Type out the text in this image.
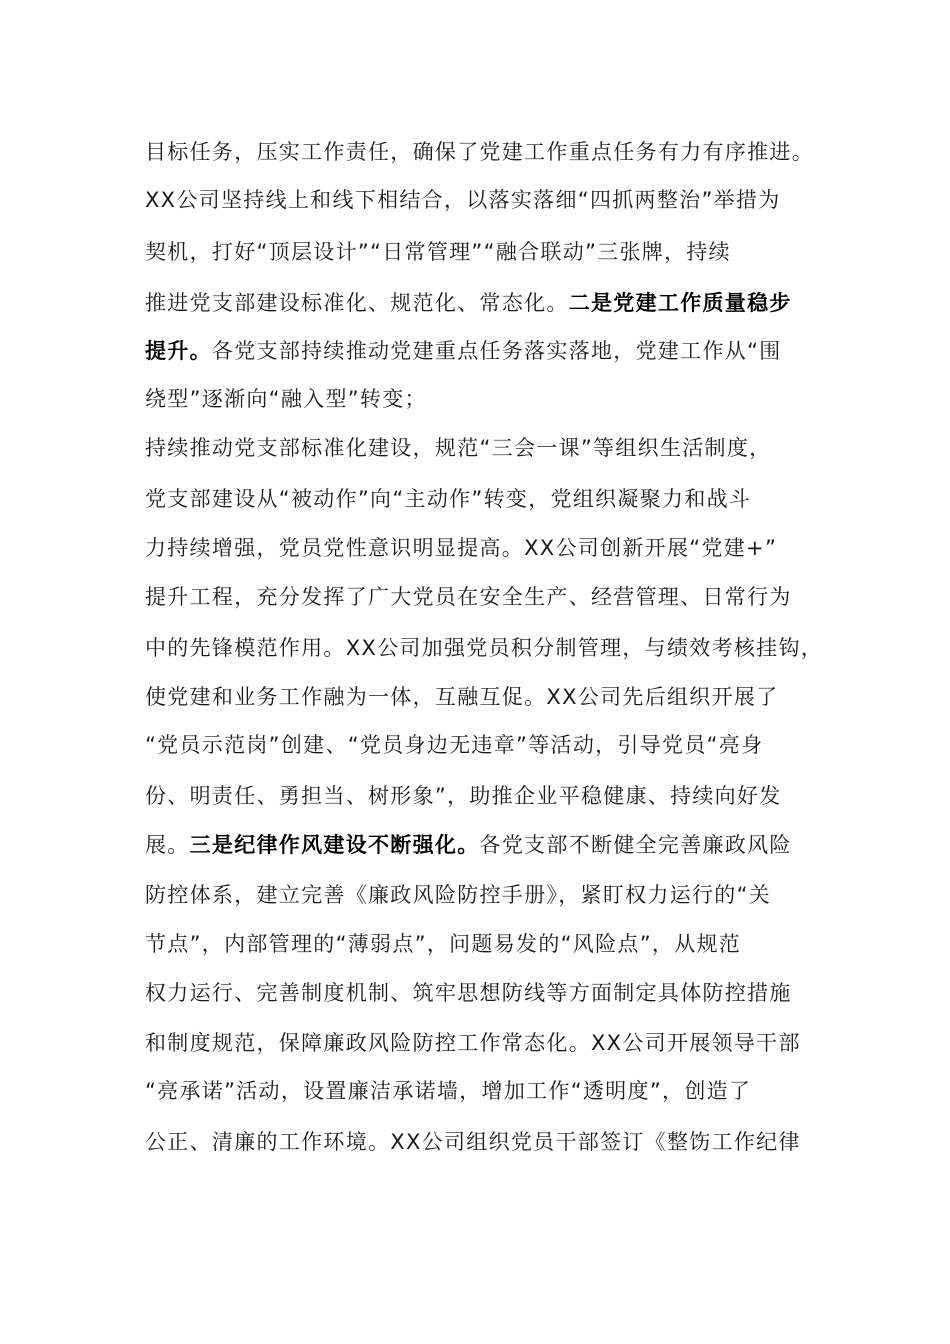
目标任务，压实工作责任，确保了党建工作重点任务有力有序推进。
XX公司坚持线上和线下相结合，以落实落细“四抓两整治”举措为
契机，打好“顶层设计”“日常管理”“融合联动”三张牌，持续
推进党支部建设标准化、规范化、常态化。二是党建工作质量稳步
提升。各党支部持续推动党建重点任务落实落地，党建工作从“围
绕型”逐渐向“融入型”转变；
持续推动党支部标准化建设，规范“三会一课”等组织生活制度，
党支部建设从“被动作”向“主动作”转变，党组织凝聚力和战斗
力持续增强，党员党性意识明显提高。XX公司创新开展“党建+”
提升工程，充分发挥了广大党员在安全生产、经营管理、日常行为
中的先锋模范作用。XX公司加强党员积分制管理，与绩效考核挂钩，
使党建和业务工作融为一体，互融互促。XX公司先后组织开展了
“党员示范岗”创建、“党员身边无违章”等活动，引导党员“亮身
份、明责任、勇担当、树形象”，助推企业平稳健康、持续向好发
展。三是纪律作风建设不断强化。各党支部不断健全完善廉政风险
防控体系，建立完善《廉政风险防控手册》，紧盯权力运行的“关
节点”，内部管理的“薄弱点”，问题易发的“风险点”，从规范
权力运行、完善制度机制、筑牢思想防线等方面制定具体防控措施
和制度规范，保障廉政风险防控工作常态化。XX公司开展领导干部
“亮承诺”活动，设置廉洁承诺墙，增加工作“透明度”，创造了
公正、清廉的工作环境。XX公司组织党员干部签订《整饬工作纪律
